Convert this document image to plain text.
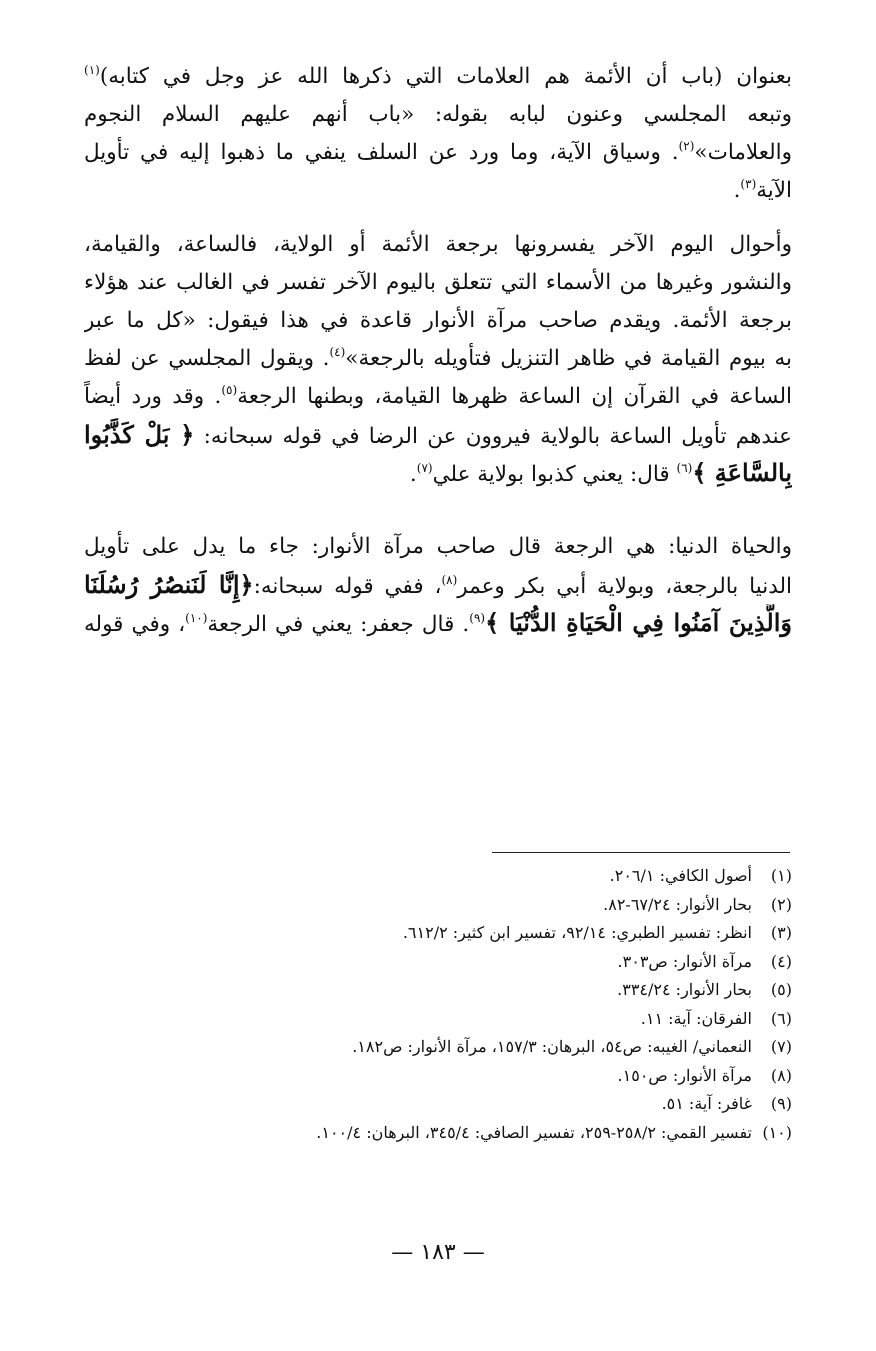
بعنوان (باب أن الأئمة هم العلامات التي ذكرها الله عز وجل في كتابه)$^{(١)}$
وتبعه المجلسي وعنون لبابه بقوله: «باب أنهم عليهم السلام النجوم
والعلامات»$^{(٢)}$. وسياق الآية، وما ورد عن السلف ينفي ما ذهبوا إليه في تأويل
الآية$^{(٣)}$.
وأحوال اليوم الآخر يفسرونها برجعة الأئمة أو الولاية، فالساعة، والقيامة،
والنشور وغيرها من الأسماء التي تتعلق باليوم الآخر تفسر في الغالب عند هؤلاء
برجعة الأئمة. ويقدم صاحب مرآة الأنوار قاعدة في هذا فيقول: «كل ما عبر
به بيوم القيامة في ظاهر التنزيل فتأويله بالرجعة»$^{(٤)}$. ويقول المجلسي عن لفظ
الساعة في القرآن إن الساعة ظهرها القيامة، وبطنها الرجعة$^{(٥)}$. وقد ورد أيضاً
عندهم تأويل الساعة بالولاية فيروون عن الرضا في قوله سبحانه: ﴿ بَلْ كَذَّبُوا
بِالسَّاعَةِ ﴾$^{(٦)}$ قال: يعني كذبوا بولاية علي$^{(٧)}$.
والحياة الدنيا: هي الرجعة قال صاحب مرآة الأنوار: جاء ما يدل على تأويل
الدنيا بالرجعة، وبولاية أبي بكر وعمر$^{(٨)}$، ففي قوله سبحانه:﴿إِنَّا لَنَنصُرُ رُسُلَنَا
وَالَّذِينَ آمَنُوا فِي الْحَيَاةِ الدُّنْيَا ﴾$^{(٩)}$. قال جعفر: يعني في الرجعة$^{(١٠)}$، وفي قوله
(١)
أصول الكافي: ٢٠٦/١.
(٢)
بحار الأنوار: ٦٧/٢٤-٨٢.
(٣)
انظر: تفسير الطبري: ٩٢/١٤، تفسير ابن كثير: ٦١٢/٢.
(٤)
مرآة الأنوار: ص٣٠٣.
(٥)
بحار الأنوار: ٣٣٤/٢٤.
(٦)
الفرقان: آية: ١١.
(٧)
النعماني/ الغيبه: ص٥٤، البرهان: ١٥٧/٣، مرآة الأنوار: ص١٨٢.
(٨)
مرآة الأنوار: ص١٥٠.
(٩)
غافر: آية: ٥١.
(١٠)
تفسير القمي: ٢٥٨/٢-٢٥٩، تفسير الصافي: ٣٤٥/٤، البرهان: ١٠٠/٤.
— ١٨٣ —
